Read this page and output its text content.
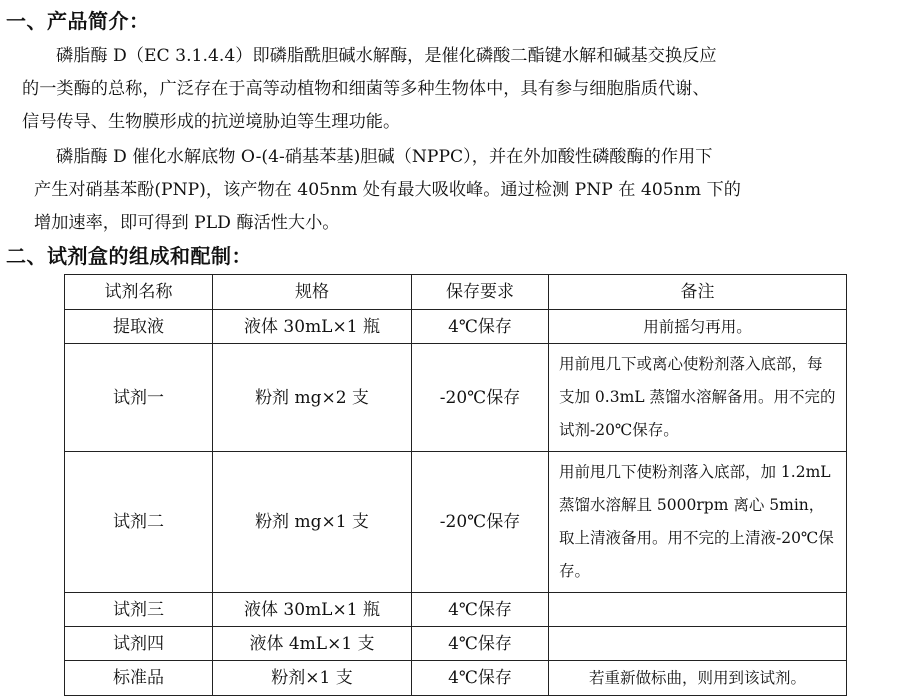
一、产品简介：
磷脂酶 D（EC 3.1.4.4）即磷脂酰胆碱水解酶，是催化磷酸二酯键水解和碱基交换反应
的一类酶的总称，广泛存在于高等动植物和细菌等多种生物体中，具有参与细胞脂质代谢、
信号传导、生物膜形成的抗逆境胁迫等生理功能。
磷脂酶 D 催化水解底物 O-(4-硝基苯基)胆碱（NPPC），并在外加酸性磷酸酶的作用下
产生对硝基苯酚(PNP)，该产物在 405nm 处有最大吸收峰。通过检测 PNP 在 405nm 下的
增加速率，即可得到 PLD 酶活性大小。
二、试剂盒的组成和配制：
试剂名称	规格	保存要求	备注
提取液	液体 30mL×1 瓶	4℃保存	用前摇匀再用。
试剂一	粉剂 mg×2 支	-20℃保存	用前甩几下或离心使粉剂落入底部，每支加 0.3mL 蒸馏水溶解备用。用不完的试剂-20℃保存。
试剂二	粉剂 mg×1 支	-20℃保存	用前甩几下使粉剂落入底部，加 1.2mL 蒸馏水溶解且 5000rpm 离心 5min，取上清液备用。用不完的上清液-20℃保存。
试剂三	液体 30mL×1 瓶	4℃保存	
试剂四	液体 4mL×1 支	4℃保存	
标准品	粉剂×1 支	4℃保存	若重新做标曲，则用到该试剂。
